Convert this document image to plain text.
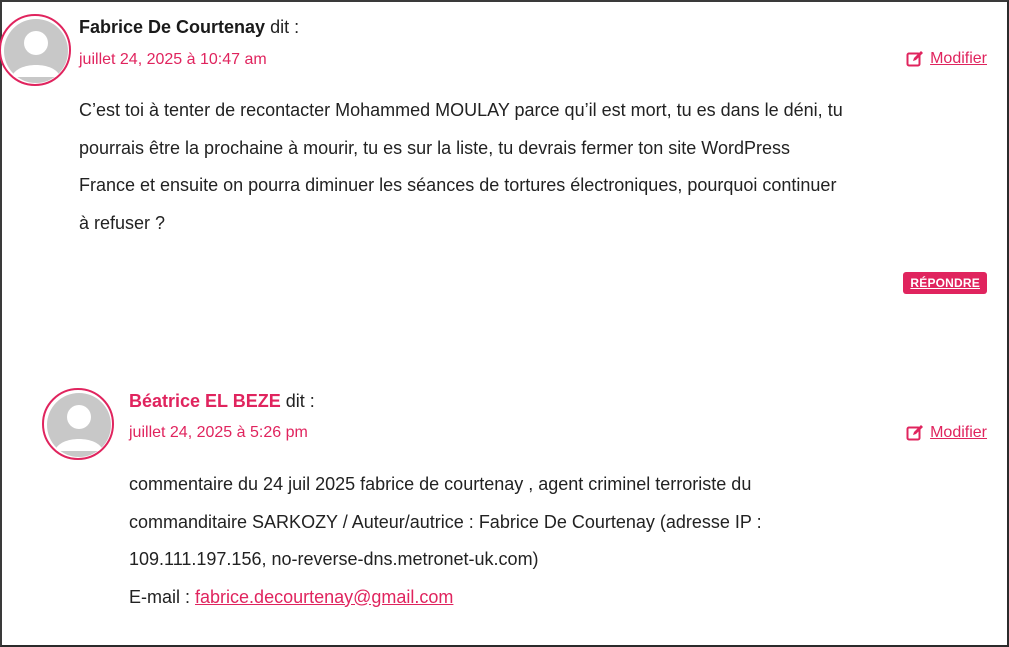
Fabrice De Courtenay dit :
juillet 24, 2025 à 10:47 am	Modifier

C’est toi à tenter de recontacter Mohammed MOULAY parce qu’il est mort, tu es dans le déni, tu

pourrais être la prochaine à mourir, tu es sur la liste, tu devrais fermer ton site WordPress

France et ensuite on pourra diminuer les séances de tortures électroniques, pourquoi continuer

à refuser ?

RÉPONDRE
Béatrice EL BEZE dit :
juillet 24, 2025 à 5:26 pm	Modifier

commentaire du 24 juil 2025 fabrice de courtenay , agent criminel terroriste du

commanditaire SARKOZY / Auteur/autrice : Fabrice De Courtenay (adresse IP :

109.111.197.156, no-reverse-dns.metronet-uk.com)

E-mail : fabrice.decourtenay@gmail.com
